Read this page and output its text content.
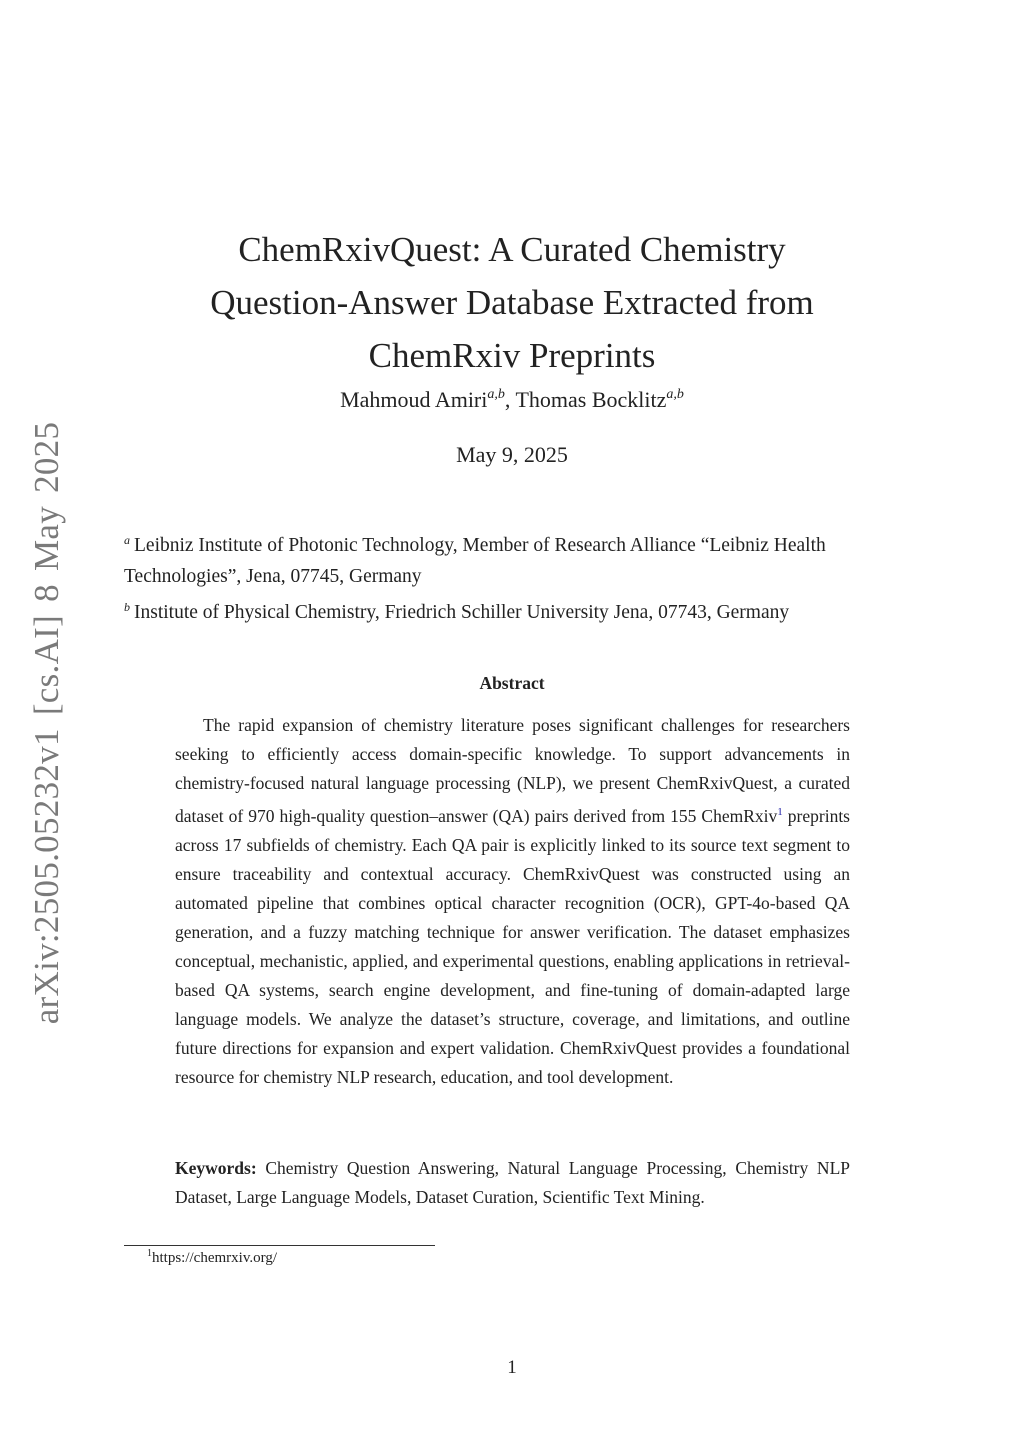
arXiv:2505.05232v1 [cs.AI] 8 May 2025
ChemRxivQuest: A Curated Chemistry
Question-Answer Database Extracted from
ChemRxiv Preprints
Mahmoud Amiri$^{a,b}$, Thomas Bocklitz$^{a,b}$
May 9, 2025

$^a$ Leibniz Institute of Photonic Technology, Member of Research Alliance “Leibniz Health Technologies”, Jena, 07745, Germany

$^b$ Institute of Physical Chemistry, Friedrich Schiller University Jena, 07743, Germany

Abstract

The rapid expansion of chemistry literature poses significant challenges for researchers seeking to efficiently access domain-specific knowledge. To support advancements in chemistry-focused natural language processing (NLP), we present ChemRxivQuest, a curated dataset of 970 high-quality question–answer (QA) pairs derived from 155 ChemRxiv$^1$ preprints across 17 subfields of chemistry. Each QA pair is explicitly linked to its source text segment to ensure traceability and contextual accuracy. ChemRxivQuest was constructed using an automated pipeline that combines optical character recognition (OCR), GPT-4o-based QA generation, and a fuzzy matching technique for answer verification. The dataset emphasizes conceptual, mechanistic, applied, and experimental questions, enabling applications in retrieval-based QA systems, search engine development, and fine-tuning of domain-adapted large language models. We analyze the dataset’s structure, coverage, and limitations, and outline future directions for expansion and expert validation. ChemRxivQuest provides a foundational resource for chemistry NLP research, education, and tool development.

Keywords: Chemistry Question Answering, Natural Language Processing, Chemistry NLP Dataset, Large Language Models, Dataset Curation, Scientific Text Mining.

$^1$https://chemrxiv.org/
1
